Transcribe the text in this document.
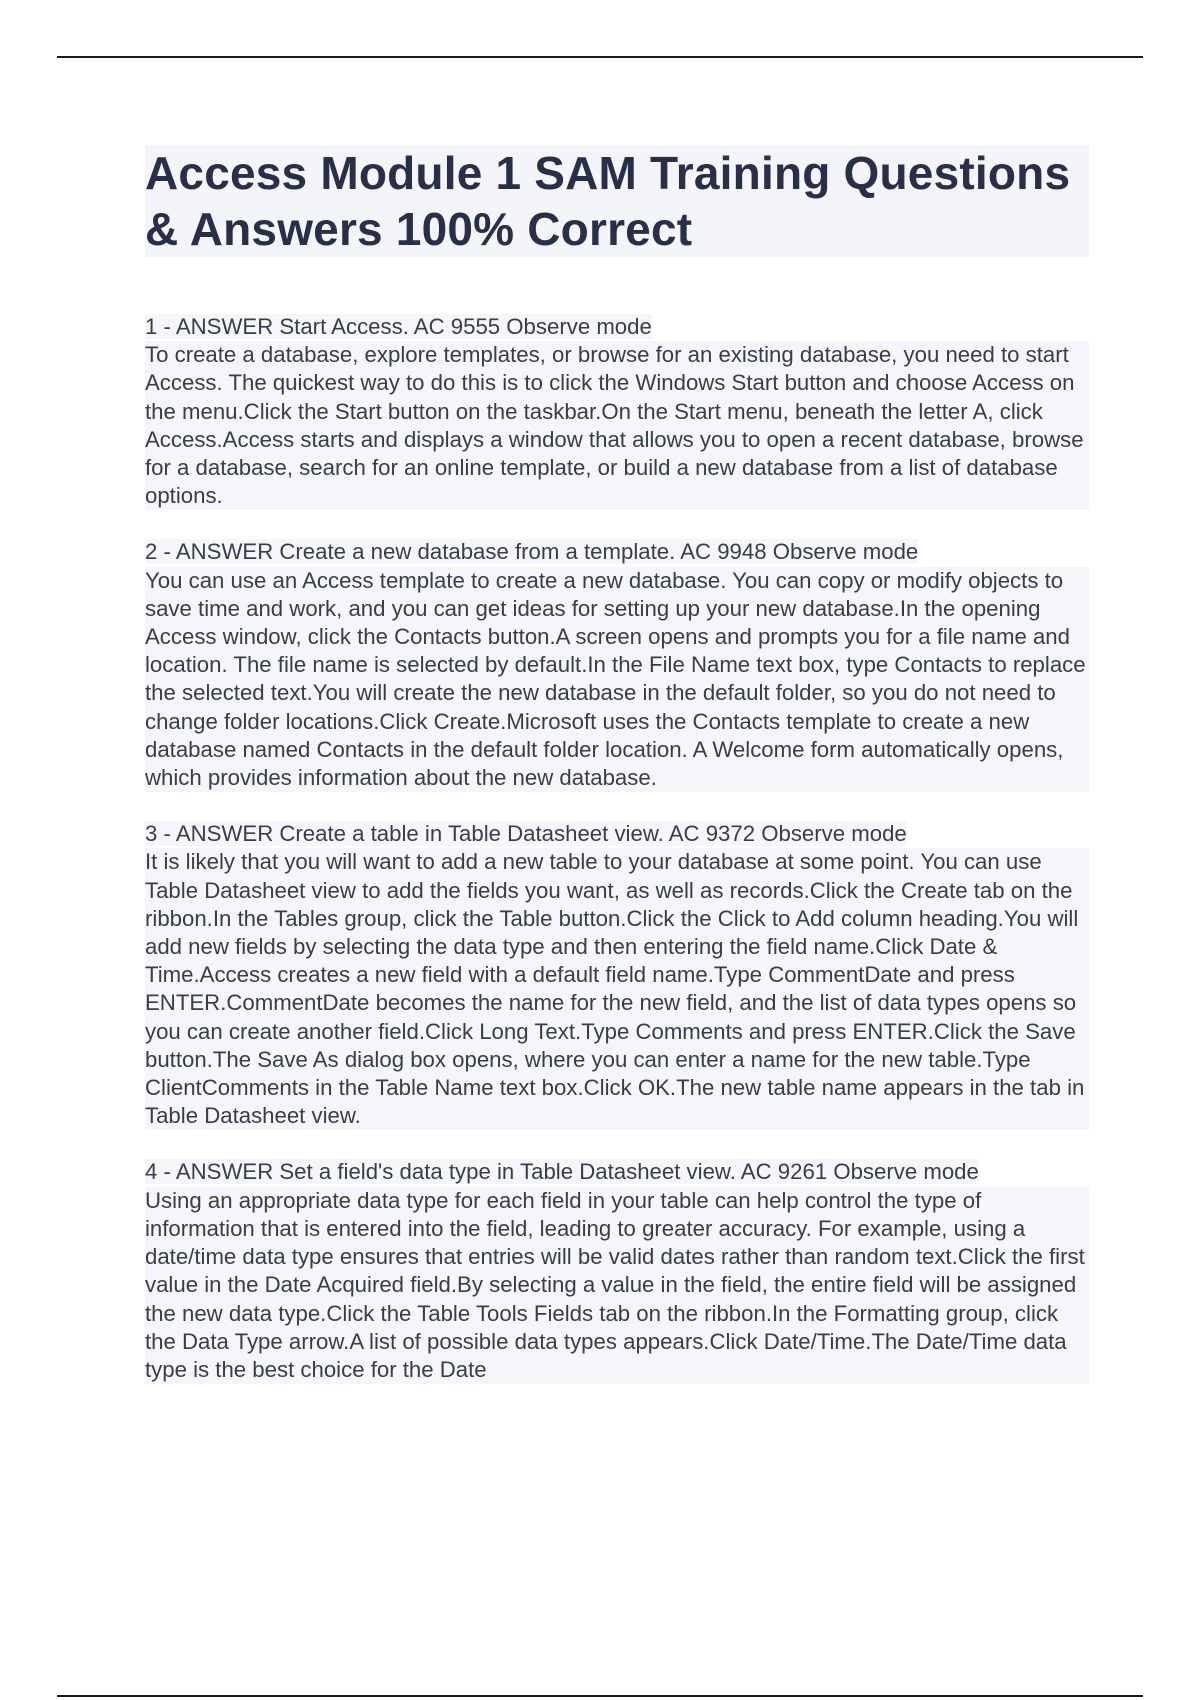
Access Module 1 SAM Training Questions & Answers 100% Correct
1 - ANSWER Start Access. AC 9555 Observe mode
To create a database, explore templates, or browse for an existing database, you need to start Access. The quickest way to do this is to click the Windows Start button and choose Access on the menu.Click the Start button on the taskbar.On the Start menu, beneath the letter A, click Access.Access starts and displays a window that allows you to open a recent database, browse for a database, search for an online template, or build a new database from a list of database options.
2 - ANSWER Create a new database from a template. AC 9948 Observe mode
You can use an Access template to create a new database. You can copy or modify objects to save time and work, and you can get ideas for setting up your new database.In the opening Access window, click the Contacts button.A screen opens and prompts you for a file name and location. The file name is selected by default.In the File Name text box, type Contacts to replace the selected text.You will create the new database in the default folder, so you do not need to change folder locations.Click Create.Microsoft uses the Contacts template to create a new database named Contacts in the default folder location. A Welcome form automatically opens, which provides information about the new database.
3 - ANSWER Create a table in Table Datasheet view. AC 9372 Observe mode
It is likely that you will want to add a new table to your database at some point. You can use Table Datasheet view to add the fields you want, as well as records.Click the Create tab on the ribbon.In the Tables group, click the Table button.Click the Click to Add column heading.You will add new fields by selecting the data type and then entering the field name.Click Date & Time.Access creates a new field with a default field name.Type CommentDate and press ENTER.CommentDate becomes the name for the new field, and the list of data types opens so you can create another field.Click Long Text.Type Comments and press ENTER.Click the Save button.The Save As dialog box opens, where you can enter a name for the new table.Type ClientComments in the Table Name text box.Click OK.The new table name appears in the tab in Table Datasheet view.
4 - ANSWER Set a field's data type in Table Datasheet view. AC 9261 Observe mode
Using an appropriate data type for each field in your table can help control the type of information that is entered into the field, leading to greater accuracy. For example, using a date/time data type ensures that entries will be valid dates rather than random text.Click the first value in the Date Acquired field.By selecting a value in the field, the entire field will be assigned the new data type.Click the Table Tools Fields tab on the ribbon.In the Formatting group, click the Data Type arrow.A list of possible data types appears.Click Date/Time.The Date/Time data type is the best choice for the Date
